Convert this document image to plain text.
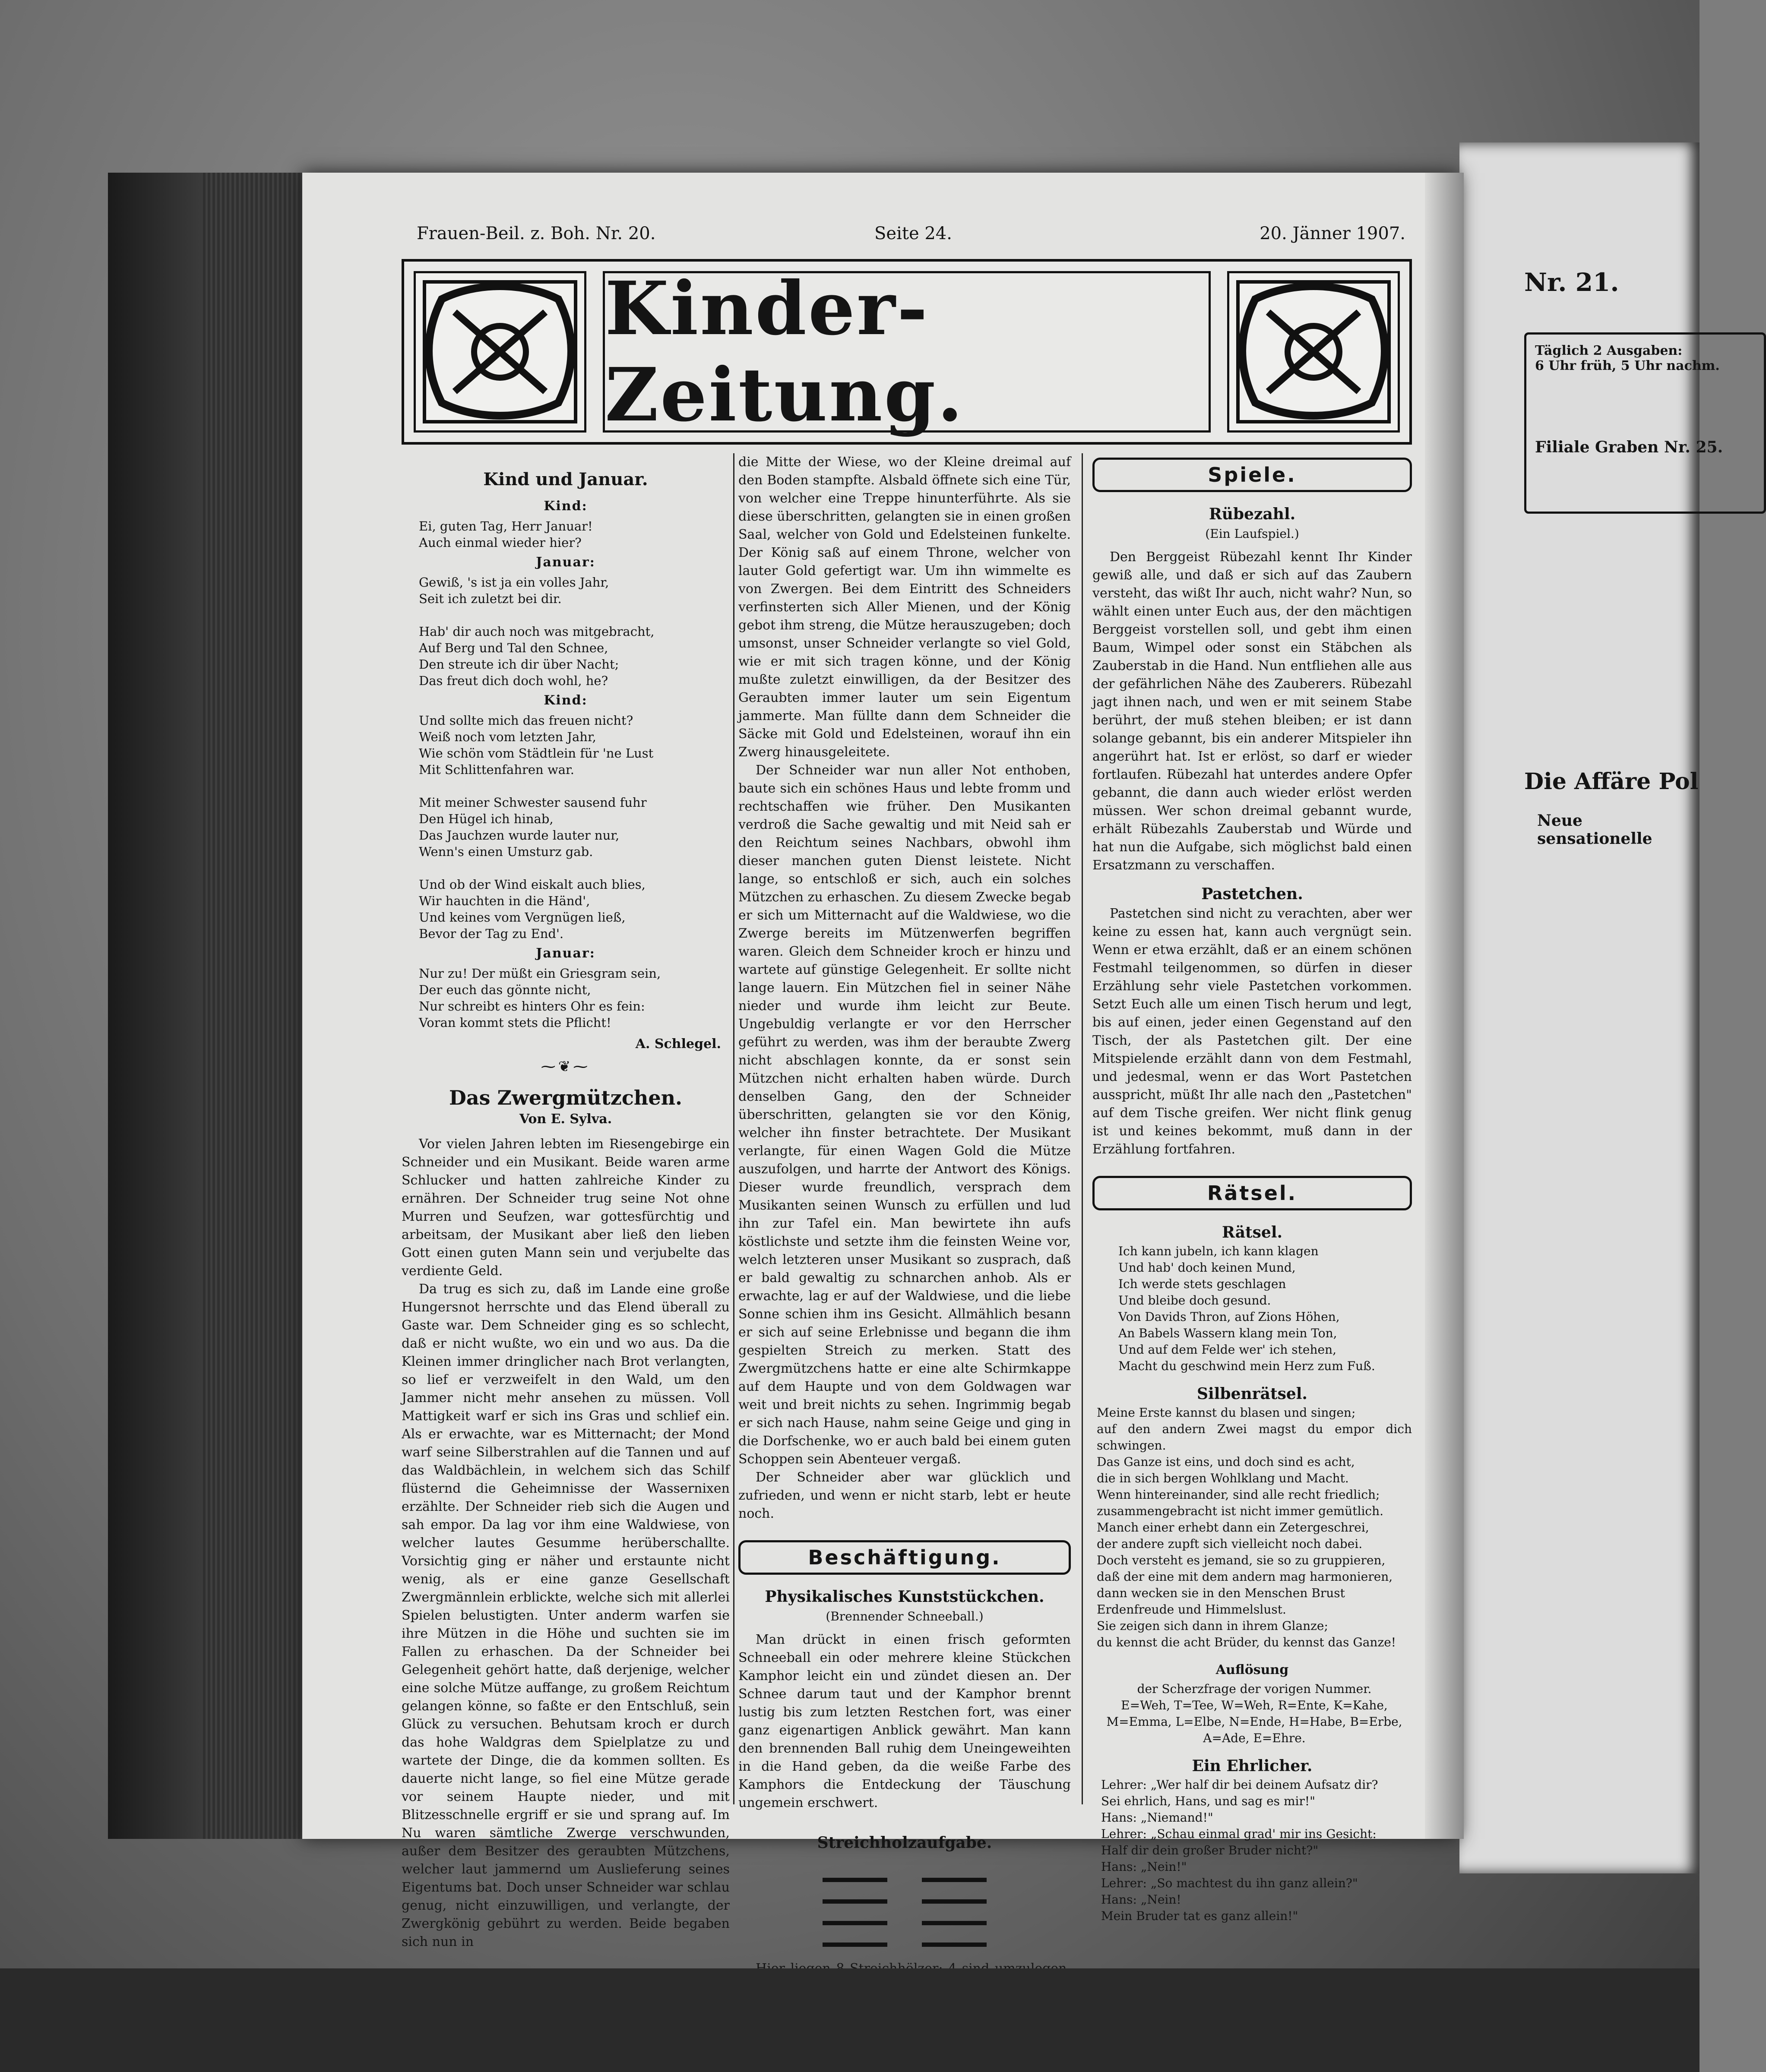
Nr. 21.
Täglich 2 Ausgaben:
6 Uhr früh, 5 Uhr nachm.
Filiale Graben Nr. 25.
Die Affäre Pol
Neue sensationelle
Frauen-Beil. z. Boh. Nr. 20.	Seite 24.	20. Jänner 1907.
Kinder-Zeitung.
Kind und Januar.
Kind:
Ei, guten Tag, Herr Januar!
Auch einmal wieder hier?
Januar:
Gewiß, 's ist ja ein volles Jahr,
Seit ich zuletzt bei dir.

Hab' dir auch noch was mitgebracht,
Auf Berg und Tal den Schnee,
Den streute ich dir über Nacht;
Das freut dich doch wohl, he?
Kind:
Und sollte mich das freuen nicht?
Weiß noch vom letzten Jahr,
Wie schön vom Städtlein für 'ne Lust
Mit Schlittenfahren war.

Mit meiner Schwester sausend fuhr
Den Hügel ich hinab,
Das Jauchzen wurde lauter nur,
Wenn's einen Umsturz gab.

Und ob der Wind eiskalt auch blies,
Wir hauchten in die Händ',
Und keines vom Vergnügen ließ,
Bevor der Tag zu End'.
Januar:
Nur zu! Der müßt ein Griesgram sein,
Der euch das gönnte nicht,
Nur schreibt es hinters Ohr es fein:
Voran kommt stets die Pflicht!
A. Schlegel.
⁓❦⁓
Das Zwergmützchen.
Von E. Sylva.

Vor vielen Jahren lebten im Riesengebirge ein Schneider und ein Musikant. Beide waren arme Schlucker und hatten zahlreiche Kinder zu ernähren. Der Schneider trug seine Not ohne Murren und Seufzen, war gottesfürchtig und arbeitsam, der Musikant aber ließ den lieben Gott einen guten Mann sein und verjubelte das verdiente Geld.

Da trug es sich zu, daß im Lande eine große Hungersnot herrschte und das Elend überall zu Gaste war. Dem Schneider ging es so schlecht, daß er nicht wußte, wo ein und wo aus. Da die Kleinen immer dringlicher nach Brot verlangten, so lief er verzweifelt in den Wald, um den Jammer nicht mehr ansehen zu müssen. Voll Mattigkeit warf er sich ins Gras und schlief ein. Als er erwachte, war es Mitternacht; der Mond warf seine Silberstrahlen auf die Tannen und auf das Waldbächlein, in welchem sich das Schilf flüsternd die Geheimnisse der Wassernixen erzählte. Der Schneider rieb sich die Augen und sah empor. Da lag vor ihm eine Waldwiese, von welcher lautes Gesumme herüberschallte. Vorsichtig ging er näher und erstaunte nicht wenig, als er eine ganze Gesellschaft Zwergmännlein erblickte, welche sich mit allerlei Spielen belustigten. Unter anderm warfen sie ihre Mützen in die Höhe und suchten sie im Fallen zu erhaschen. Da der Schneider bei Gelegenheit gehört hatte, daß derjenige, welcher eine solche Mütze auffange, zu großem Reichtum gelangen könne, so faßte er den Entschluß, sein Glück zu versuchen. Behutsam kroch er durch das hohe Waldgras dem Spielplatze zu und wartete der Dinge, die da kommen sollten. Es dauerte nicht lange, so fiel eine Mütze gerade vor seinem Haupte nieder, und mit Blitzesschnelle ergriff er sie und sprang auf. Im Nu waren sämtliche Zwerge verschwunden, außer dem Besitzer des geraubten Mützchens, welcher laut jammernd um Auslieferung seines Eigentums bat. Doch unser Schneider war schlau genug, nicht einzuwilligen, und verlangte, der Zwergkönig gebührt zu werden. Beide begaben sich nun in

die Mitte der Wiese, wo der Kleine dreimal auf den Boden stampfte. Alsbald öffnete sich eine Tür, von welcher eine Treppe hinunterführte. Als sie diese überschritten, gelangten sie in einen großen Saal, welcher von Gold und Edelsteinen funkelte. Der König saß auf einem Throne, welcher von lauter Gold gefertigt war. Um ihn wimmelte es von Zwergen. Bei dem Eintritt des Schneiders verfinsterten sich Aller Mienen, und der König gebot ihm streng, die Mütze herauszugeben; doch umsonst, unser Schneider verlangte so viel Gold, wie er mit sich tragen könne, und der König mußte zuletzt einwilligen, da der Besitzer des Geraubten immer lauter um sein Eigentum jammerte. Man füllte dann dem Schneider die Säcke mit Gold und Edelsteinen, worauf ihn ein Zwerg hinausgeleitete.

Der Schneider war nun aller Not enthoben, baute sich ein schönes Haus und lebte fromm und rechtschaffen wie früher. Den Musikanten verdroß die Sache gewaltig und mit Neid sah er den Reichtum seines Nachbars, obwohl ihm dieser manchen guten Dienst leistete. Nicht lange, so entschloß er sich, auch ein solches Mützchen zu erhaschen. Zu diesem Zwecke begab er sich um Mitternacht auf die Waldwiese, wo die Zwerge bereits im Mützenwerfen begriffen waren. Gleich dem Schneider kroch er hinzu und wartete auf günstige Gelegenheit. Er sollte nicht lange lauern. Ein Mützchen fiel in seiner Nähe nieder und wurde ihm leicht zur Beute. Ungebuldig verlangte er vor den Herrscher geführt zu werden, was ihm der beraubte Zwerg nicht abschlagen konnte, da er sonst sein Mützchen nicht erhalten haben würde. Durch denselben Gang, den der Schneider überschritten, gelangten sie vor den König, welcher ihn finster betrachtete. Der Musikant verlangte, für einen Wagen Gold die Mütze auszufolgen, und harrte der Antwort des Königs. Dieser wurde freundlich, versprach dem Musikanten seinen Wunsch zu erfüllen und lud ihn zur Tafel ein. Man bewirtete ihn aufs köstlichste und setzte ihm die feinsten Weine vor, welch letzteren unser Musikant so zusprach, daß er bald gewaltig zu schnarchen anhob. Als er erwachte, lag er auf der Waldwiese, und die liebe Sonne schien ihm ins Gesicht. Allmählich besann er sich auf seine Erlebnisse und begann die ihm gespielten Streich zu merken. Statt des Zwergmützchens hatte er eine alte Schirmkappe auf dem Haupte und von dem Goldwagen war weit und breit nichts zu sehen. Ingrimmig begab er sich nach Hause, nahm seine Geige und ging in die Dorfschenke, wo er auch bald bei einem guten Schoppen sein Abenteuer vergaß.

Der Schneider aber war glücklich und zufrieden, und wenn er nicht starb, lebt er heute noch.

Beschäftigung.
Physikalisches Kunststückchen.
(Brennender Schneeball.)

Man drückt in einen frisch geformten Schneeball ein oder mehrere kleine Stückchen Kamphor leicht ein und zündet diesen an. Der Schnee darum taut und der Kamphor brennt lustig bis zum letzten Restchen fort, was einer ganz eigenartigen Anblick gewährt. Man kann den brennenden Ball ruhig dem Uneingeweihten in die Hand geben, da die weiße Farbe des Kamphors die Entdeckung der Täuschung ungemein erschwert.

Streichholzaufgabe.

Spiele.
Rübezahl.
(Ein Laufspiel.)

Den Berggeist Rübezahl kennt Ihr Kinder gewiß alle, und daß er sich auf das Zaubern versteht, das wißt Ihr auch, nicht wahr? Nun, so wählt einen unter Euch aus, der den mächtigen Berggeist vorstellen soll, und gebt ihm einen Baum, Wimpel oder sonst ein Stäbchen als Zauberstab in die Hand. Nun entfliehen alle aus der gefährlichen Nähe des Zauberers. Rübezahl jagt ihnen nach, und wen er mit seinem Stabe berührt, der muß stehen bleiben; er ist dann solange gebannt, bis ein anderer Mitspieler ihn angerührt hat. Ist er erlöst, so darf er wieder fortlaufen. Rübezahl hat unterdes andere Opfer gebannt, die dann auch wieder erlöst werden müssen. Wer schon dreimal gebannt wurde, erhält Rübezahls Zauberstab und Würde und hat nun die Aufgabe, sich möglichst bald einen Ersatzmann zu verschaffen.

Pastetchen.

Pastetchen sind nicht zu verachten, aber wer keine zu essen hat, kann auch vergnügt sein. Wenn er etwa erzählt, daß er an einem schönen Festmahl teilgenommen, so dürfen in dieser Erzählung sehr viele Pastetchen vorkommen. Setzt Euch alle um einen Tisch herum und legt, bis auf einen, jeder einen Gegenstand auf den Tisch, der als Pastetchen gilt. Der eine Mitspielende erzählt dann von dem Festmahl, und jedesmal, wenn er das Wort Pastetchen ausspricht, müßt Ihr alle nach den „Pastetchen" auf dem Tische greifen. Wer nicht flink genug ist und keines bekommt, muß dann in der Erzählung fortfahren.

Rätsel.
Rätsel.
Ich kann jubeln, ich kann klagen
Und hab' doch keinen Mund,
Ich werde stets geschlagen
Und bleibe doch gesund.
Von Davids Thron, auf Zions Höhen,
An Babels Wassern klang mein Ton,
Und auf dem Felde wer' ich stehen,
Macht du geschwind mein Herz zum Fuß.
Silbenrätsel.
Meine Erste kannst du blasen und singen;
auf den andern Zwei magst du empor dich schwingen.
Das Ganze ist eins, und doch sind es acht,
die in sich bergen Wohlklang und Macht.
Wenn hintereinander, sind alle recht friedlich;
zusammengebracht ist nicht immer gemütlich.
Manch einer erhebt dann ein Zetergeschrei,
der andere zupft sich vielleicht noch dabei.
Doch versteht es jemand, sie so zu gruppieren,
daß der eine mit dem andern mag harmonieren,
dann wecken sie in den Menschen Brust
Erdenfreude und Himmelslust.
Sie zeigen sich dann in ihrem Glanze;
du kennst die acht Brüder, du kennst das Ganze!
Auflösung
der Scherzfrage der vorigen Nummer.
E=Weh, T=Tee, W=Weh, R=Ente, K=Kahe, M=Emma, L=Elbe, N=Ende, H=Habe, B=Erbe, A=Ade, E=Ehre.
Ein Ehrlicher.
Lehrer: „Wer half dir bei deinem Aufsatz dir?
Sei ehrlich, Hans, und sag es mir!"
Hans: „Niemand!"
Lehrer: „Schau einmal grad' mir ins Gesicht:
Half dir dein großer Bruder nicht?"
Hans: „Nein!"
Lehrer: „So machtest du ihn ganz allein?"
Hans: „Nein!
Mein Bruder tat es ganz allein!"
